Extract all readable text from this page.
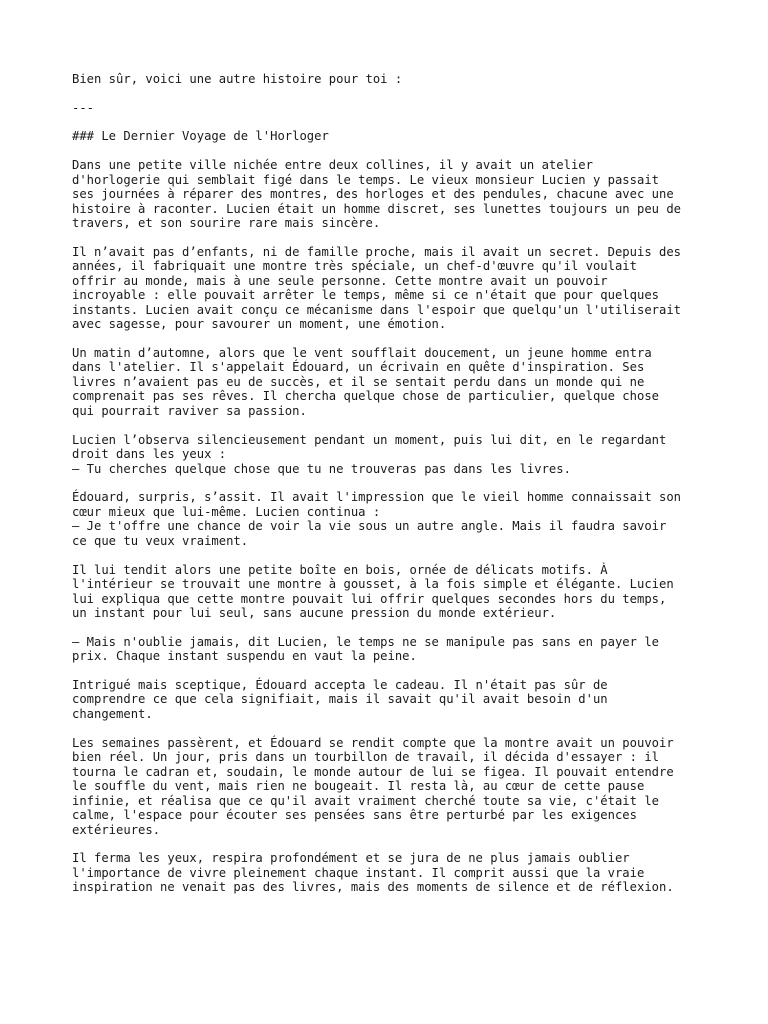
Bien sûr, voici une autre histoire pour toi :

---

### Le Dernier Voyage de l'Horloger

Dans une petite ville nichée entre deux collines, il y avait un atelier
d'horlogerie qui semblait figé dans le temps. Le vieux monsieur Lucien y passait
ses journées à réparer des montres, des horloges et des pendules, chacune avec une
histoire à raconter. Lucien était un homme discret, ses lunettes toujours un peu de
travers, et son sourire rare mais sincère.

Il n’avait pas d’enfants, ni de famille proche, mais il avait un secret. Depuis des
années, il fabriquait une montre très spéciale, un chef-d'œuvre qu'il voulait
offrir au monde, mais à une seule personne. Cette montre avait un pouvoir
incroyable : elle pouvait arrêter le temps, même si ce n'était que pour quelques
instants. Lucien avait conçu ce mécanisme dans l'espoir que quelqu'un l'utiliserait
avec sagesse, pour savourer un moment, une émotion.

Un matin d’automne, alors que le vent soufflait doucement, un jeune homme entra
dans l'atelier. Il s'appelait Édouard, un écrivain en quête d'inspiration. Ses
livres n’avaient pas eu de succès, et il se sentait perdu dans un monde qui ne
comprenait pas ses rêves. Il chercha quelque chose de particulier, quelque chose
qui pourrait raviver sa passion.

Lucien l’observa silencieusement pendant un moment, puis lui dit, en le regardant
droit dans les yeux :
– Tu cherches quelque chose que tu ne trouveras pas dans les livres.

Édouard, surpris, s’assit. Il avait l'impression que le vieil homme connaissait son
cœur mieux que lui-même. Lucien continua :
– Je t'offre une chance de voir la vie sous un autre angle. Mais il faudra savoir
ce que tu veux vraiment.

Il lui tendit alors une petite boîte en bois, ornée de délicats motifs. À
l'intérieur se trouvait une montre à gousset, à la fois simple et élégante. Lucien
lui expliqua que cette montre pouvait lui offrir quelques secondes hors du temps,
un instant pour lui seul, sans aucune pression du monde extérieur.

– Mais n'oublie jamais, dit Lucien, le temps ne se manipule pas sans en payer le
prix. Chaque instant suspendu en vaut la peine.

Intrigué mais sceptique, Édouard accepta le cadeau. Il n'était pas sûr de
comprendre ce que cela signifiait, mais il savait qu'il avait besoin d'un
changement.

Les semaines passèrent, et Édouard se rendit compte que la montre avait un pouvoir
bien réel. Un jour, pris dans un tourbillon de travail, il décida d'essayer : il
tourna le cadran et, soudain, le monde autour de lui se figea. Il pouvait entendre
le souffle du vent, mais rien ne bougeait. Il resta là, au cœur de cette pause
infinie, et réalisa que ce qu'il avait vraiment cherché toute sa vie, c'était le
calme, l'espace pour écouter ses pensées sans être perturbé par les exigences
extérieures.

Il ferma les yeux, respira profondément et se jura de ne plus jamais oublier
l'importance de vivre pleinement chaque instant. Il comprit aussi que la vraie
inspiration ne venait pas des livres, mais des moments de silence et de réflexion.
